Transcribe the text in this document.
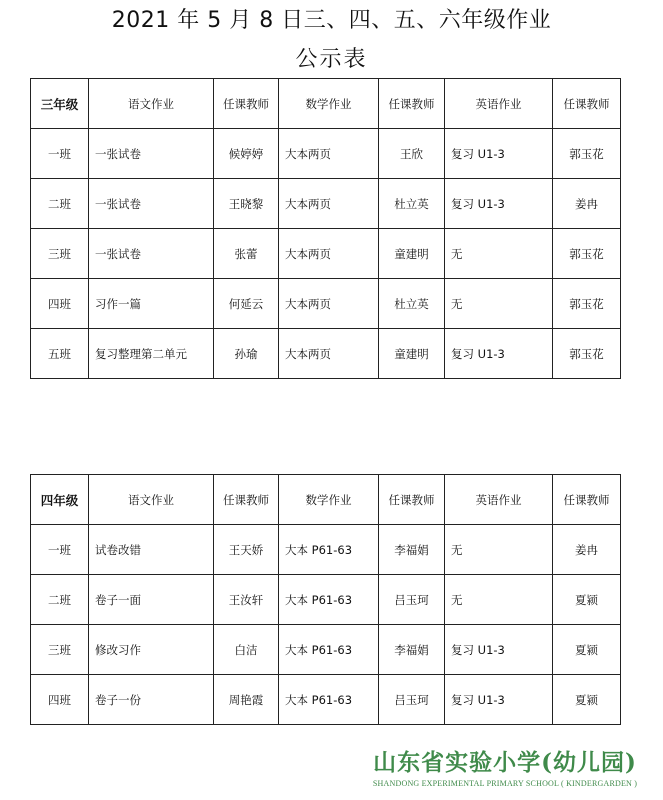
2021 年 5 月 8 日三、四、五、六年级作业
公示表
三年级	语文作业	任课教师	数学作业	任课教师	英语作业	任课教师
一班	一张试卷	候婷婷	大本两页	王欣	复习 U1-3	郭玉花
二班	一张试卷	王晓黎	大本两页	杜立英	复习 U1-3	姜冉
三班	一张试卷	张蕾	大本两页	童建明	无	郭玉花
四班	习作一篇	何延云	大本两页	杜立英	无	郭玉花
五班	复习整理第二单元	孙瑜	大本两页	童建明	复习 U1-3	郭玉花
四年级	语文作业	任课教师	数学作业	任课教师	英语作业	任课教师
一班	试卷改错	王天娇	大本 P61-63	李福娟	无	姜冉
二班	卷子一面	王汝轩	大本 P61-63	吕玉珂	无	夏颍
三班	修改习作	白洁	大本 P61-63	李福娟	复习 U1-3	夏颍
四班	卷子一份	周艳霞	大本 P61-63	吕玉珂	复习 U1-3	夏颍
山东省实验小学(幼儿园)
SHANDONG EXPERIMENTAL PRIMARY SCHOOL ( KINDERGARDEN )
